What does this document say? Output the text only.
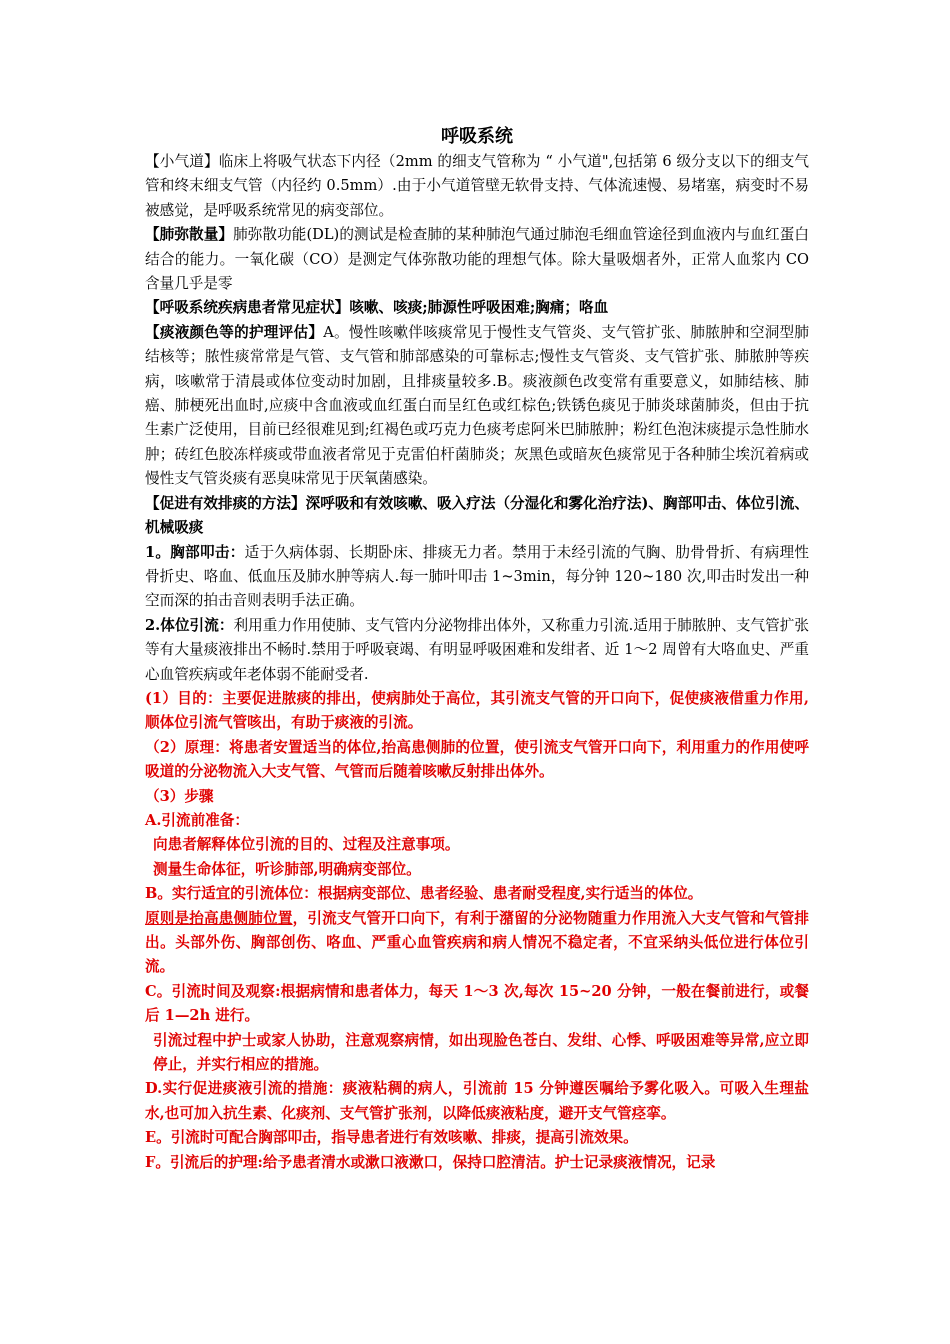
呼吸系统

【小气道】临床上将吸气状态下内径（2mm 的细支气管称为 “ 小气道",包括第 6 级分支以下的细支气管和终末细支气管（内径约 0.5mm）.由于小气道管壁无软骨支持、气体流速慢、易堵塞，病变时不易被感觉，是呼吸系统常见的病变部位。

【肺弥散量】肺弥散功能(DL)的测试是检查肺的某种肺泡气通过肺泡毛细血管途径到血液内与血红蛋白结合的能力。一氧化碳（CO）是测定气体弥散功能的理想气体。除大量吸烟者外，正常人血浆内 CO 含量几乎是零

【呼吸系统疾病患者常见症状】咳嗽、咳痰;肺源性呼吸困难;胸痛；咯血

【痰液颜色等的护理评估】A。慢性咳嗽伴咳痰常见于慢性支气管炎、支气管扩张、肺脓肿和空洞型肺结核等；脓性痰常常是气管、支气管和肺部感染的可靠标志;慢性支气管炎、支气管扩张、肺脓肿等疾病，咳嗽常于清晨或体位变动时加剧，且排痰量较多.B。痰液颜色改变常有重要意义，如肺结核、肺癌、肺梗死出血时,应痰中含血液或血红蛋白而呈红色或红棕色;铁锈色痰见于肺炎球菌肺炎，但由于抗生素广泛使用，目前已经很难见到;红褐色或巧克力色痰考虑阿米巴肺脓肿；粉红色泡沫痰提示急性肺水肿；砖红色胶冻样痰或带血液者常见于克雷伯杆菌肺炎；灰黑色或暗灰色痰常见于各种肺尘埃沉着病或慢性支气管炎痰有恶臭味常见于厌氧菌感染。

【促进有效排痰的方法】深呼吸和有效咳嗽、吸入疗法（分湿化和雾化治疗法)、胸部叩击、体位引流、机械吸痰

1。胸部叩击：适于久病体弱、长期卧床、排痰无力者。禁用于未经引流的气胸、肋骨骨折、有病理性骨折史、咯血、低血压及肺水肿等病人.每一肺叶叩击 1~3min，每分钟 120~180 次,叩击时发出一种空而深的拍击音则表明手法正确。

2.体位引流：利用重力作用使肺、支气管内分泌物排出体外，又称重力引流.适用于肺脓肿、支气管扩张等有大量痰液排出不畅时.禁用于呼吸衰竭、有明显呼吸困难和发绀者、近 1～2 周曾有大咯血史、严重心血管疾病或年老体弱不能耐受者.

(1）目的：主要促进脓痰的排出，使病肺处于高位，其引流支气管的开口向下，促使痰液借重力作用,顺体位引流气管咳出，有助于痰液的引流。

（2）原理：将患者安置适当的体位,抬高患侧肺的位置，使引流支气管开口向下，利用重力的作用使呼吸道的分泌物流入大支气管、气管而后随着咳嗽反射排出体外。

（3）步骤

A.引流前准备：

向患者解释体位引流的目的、过程及注意事项。

测量生命体征，听诊肺部,明确病变部位。

B。实行适宜的引流体位：根据病变部位、患者经验、患者耐受程度,实行适当的体位。

原则是抬高患侧肺位置，引流支气管开口向下，有利于潴留的分泌物随重力作用流入大支气管和气管排出。头部外伤、胸部创伤、咯血、严重心血管疾病和病人情况不稳定者，不宜采纳头低位进行体位引流。

C。引流时间及观察:根据病情和患者体力，每天 1～3 次,每次 15~20 分钟，一般在餐前进行，或餐后 1—2h 进行。

引流过程中护士或家人协助，注意观察病情，如出现脸色苍白、发绀、心悸、呼吸困难等异常,应立即停止，并实行相应的措施。

D.实行促进痰液引流的措施：痰液粘稠的病人，引流前 15 分钟遵医嘱给予雾化吸入。可吸入生理盐水,也可加入抗生素、化痰剂、支气管扩张剂，以降低痰液粘度，避开支气管痉挛。

E。引流时可配合胸部叩击，指导患者进行有效咳嗽、排痰，提高引流效果。

F。引流后的护理:给予患者清水或漱口液漱口，保持口腔清洁。护士记录痰液情况，记录
